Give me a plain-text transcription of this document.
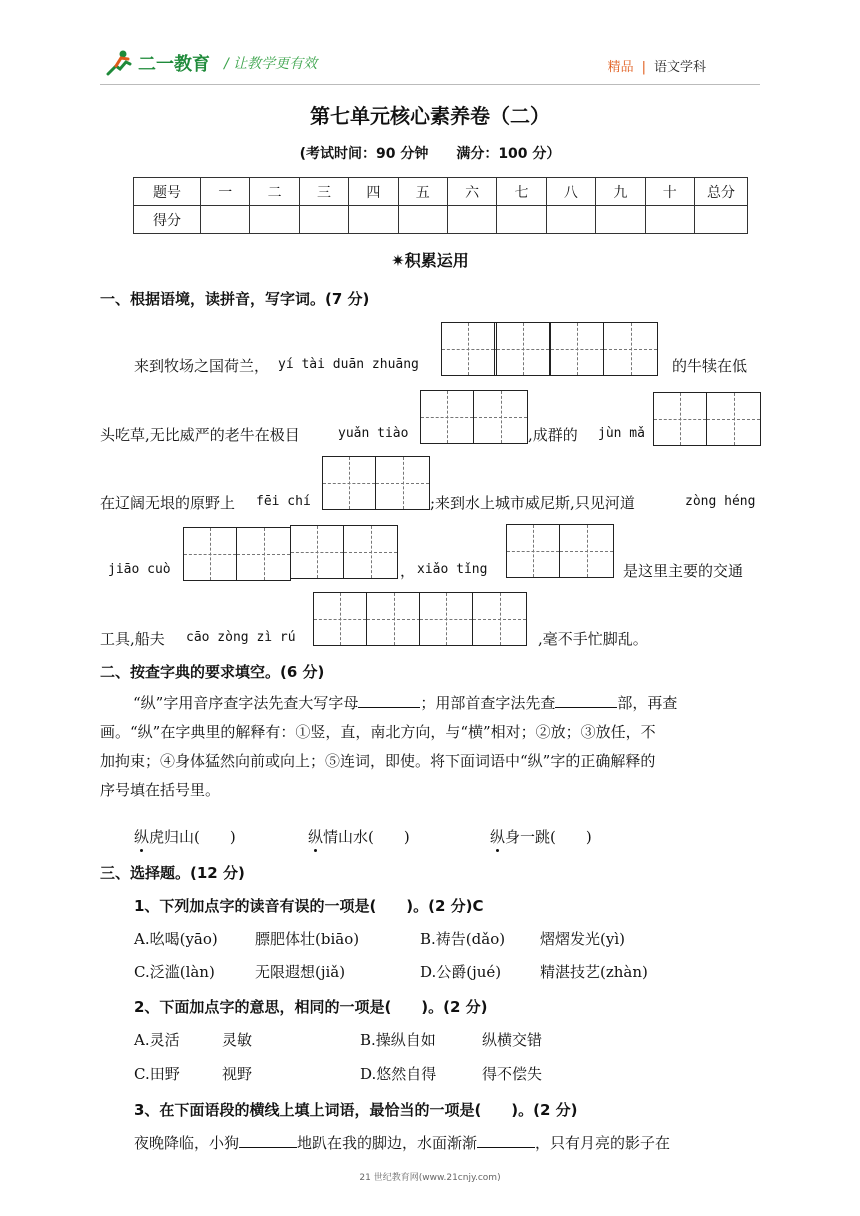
二一教育 / 让教学更有效	精品 | 语文学科
第七单元核心素养卷（二）
(考试时间：90 分钟　　满分：100 分）
题号	一	二	三	四	五	六	七	八	九	十	总分
得分											
✷积累运用
一、根据语境，读拼音，写字词。(7 分)
来到牧场之国荷兰， yí tài duān zhuāng	的牛犊在低
头吃草,无比威严的老牛在极目	yuǎn tiào	,成群的 jùn mǎ
在辽阔无垠的原野上 fēi chí	;来到水上城市威尼斯,只见河道	zòng héng
jiāo cuò	， xiǎo tǐng	是这里主要的交通
工具,船夫 cāo zòng zì rú	,毫不手忙脚乱。
二、按查字典的要求填空。(6 分)
“纵”字用音序查字法先查大写字母	；用部首查字法先查	部，再查
画。“纵”在字典里的解释有：①竖，直，南北方向，与“横”相对；②放；③放任，不
加拘束；④身体猛然向前或向上；⑤连词，即使。将下面词语中“纵”字的正确解释的
序号填在括号里。
纵虎归山(　　)	纵情山水(　　)	纵身一跳(　　)
三、选择题。(12 分)
1、下列加点字的读音有误的一项是(　　)。(2 分)C
A.吆喝(yāo) 膘肥体壮(biāo)	B.祷告(dǎo) 熠熠发光(yì)
C.泛滥(làn)	无限遐想(jiǎ)	D.公爵(jué)	精湛技艺(zhàn)
2、下面加点字的意思，相同的一项是(　　)。(2 分)
A.灵活	灵敏	B.操纵自如	纵横交错
C.田野	视野	D.悠然自得	得不偿失
3、在下面语段的横线上填上词语，最恰当的一项是(　　)。(2 分)
夜晚降临，小狗	地趴在我的脚边，水面渐渐	，只有月亮的影子在
21 世纪教育网(www.21cnjy.com)
